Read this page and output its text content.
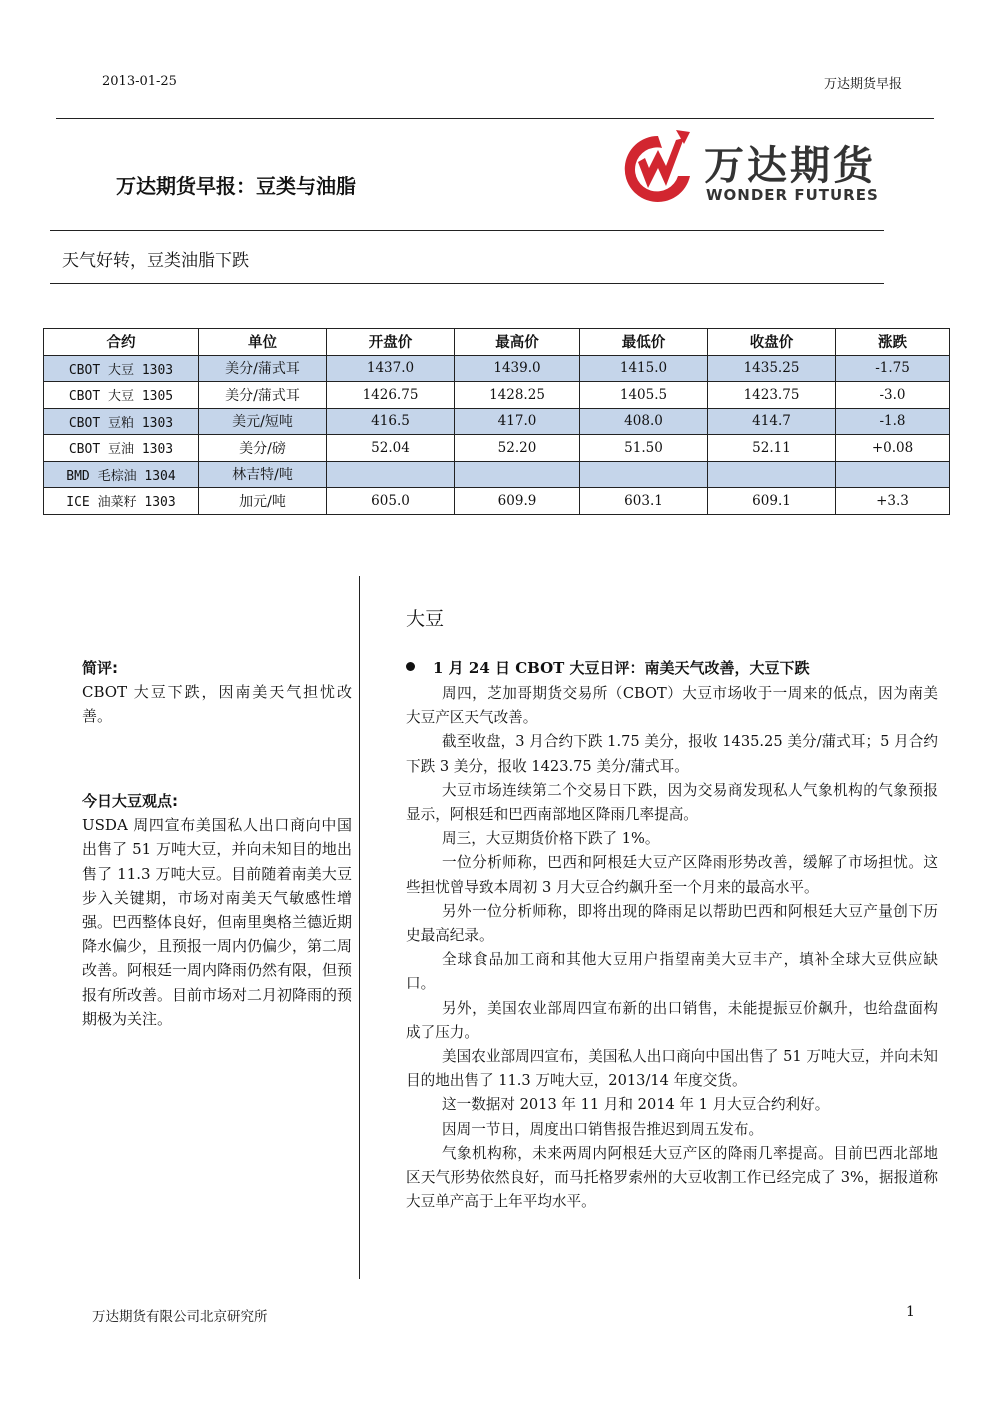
2013-01-25	万达期货早报
万达期货早报：豆类与油脂	万达期货
WONDER FUTURES
天气好转，豆类油脂下跌
合约	单位	开盘价	最高价	最低价	收盘价	涨跌
CBOT 大豆 1303	美分/蒲式耳	1437.0	1439.0	1415.0	1435.25	-1.75
CBOT 大豆 1305	美分/蒲式耳	1426.75	1428.25	1405.5	1423.75	-3.0
CBOT 豆粕 1303	美元/短吨	416.5	417.0	408.0	414.7	-1.8
CBOT 豆油 1303	美分/磅	52.04	52.20	51.50	52.11	+0.08
BMD 毛棕油 1304	林吉特/吨					
ICE 油菜籽 1303	加元/吨	605.0	609.9	603.1	609.1	+3.3

简评:

CBOT 大豆下跌，因南美天气担忧改善。

今日大豆观点:

USDA 周四宣布美国私人出口商向中国出售了 51 万吨大豆，并向未知目的地出售了 11.3 万吨大豆。目前随着南美大豆步入关键期，市场对南美天气敏感性增强。巴西整体良好，但南里奥格兰德近期降水偏少，且预报一周内仍偏少，第二周改善。阿根廷一周内降雨仍然有限，但预报有所改善。目前市场对二月初降雨的预期极为关注。

大豆
1 月 24 日 CBOT 大豆日评：南美天气改善，大豆下跌

周四，芝加哥期货交易所（CBOT）大豆市场收于一周来的低点，因为南美大豆产区天气改善。

截至收盘，3 月合约下跌 1.75 美分，报收 1435.25 美分/蒲式耳；5 月合约下跌 3 美分，报收 1423.75 美分/蒲式耳。

大豆市场连续第二个交易日下跌，因为交易商发现私人气象机构的气象预报显示，阿根廷和巴西南部地区降雨几率提高。

周三，大豆期货价格下跌了 1%。

一位分析师称，巴西和阿根廷大豆产区降雨形势改善，缓解了市场担忧。这些担忧曾导致本周初 3 月大豆合约飙升至一个月来的最高水平。

另外一位分析师称，即将出现的降雨足以帮助巴西和阿根廷大豆产量创下历史最高纪录。

全球食品加工商和其他大豆用户指望南美大豆丰产，填补全球大豆供应缺口。

另外，美国农业部周四宣布新的出口销售，未能提振豆价飙升，也给盘面构成了压力。

美国农业部周四宣布，美国私人出口商向中国出售了 51 万吨大豆，并向未知目的地出售了 11.3 万吨大豆，2013/14 年度交货。

这一数据对 2013 年 11 月和 2014 年 1 月大豆合约利好。

因周一节日，周度出口销售报告推迟到周五发布。

气象机构称，未来两周内阿根廷大豆产区的降雨几率提高。目前巴西北部地区天气形势依然良好，而马托格罗索州的大豆收割工作已经完成了 3%，据报道称大豆单产高于上年平均水平。

万达期货有限公司北京研究所	1
